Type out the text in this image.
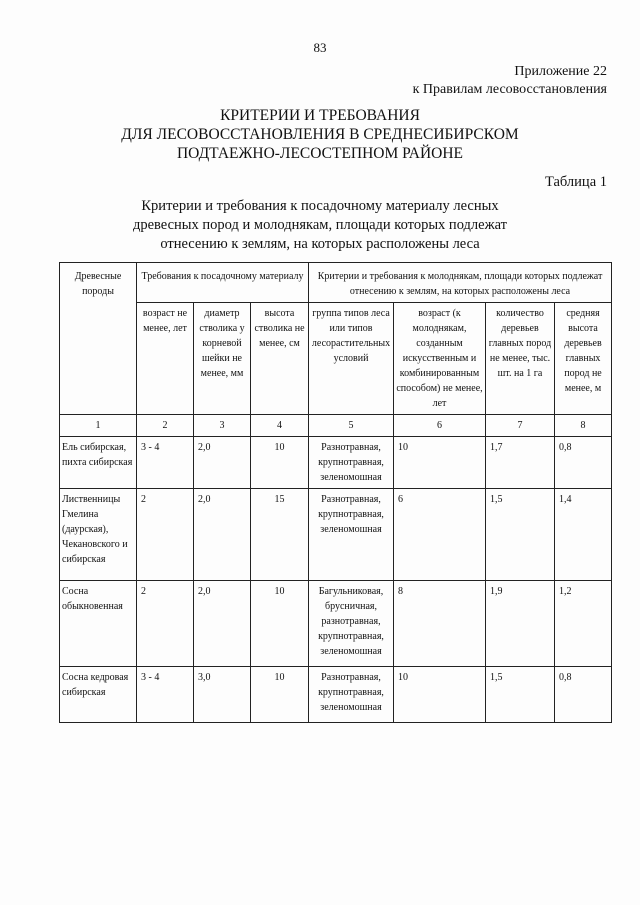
83
Приложение 22
к Правилам лесовосстановления
КРИТЕРИИ И ТРЕБОВАНИЯ
ДЛЯ ЛЕСОВОССТАНОВЛЕНИЯ В СРЕДНЕСИБИРСКОМ
ПОДТАЕЖНО-ЛЕСОСТЕПНОМ РАЙОНЕ
Таблица 1
Критерии и требования к посадочному материалу лесных
древесных пород и молоднякам, площади которых подлежат
отнесению к землям, на которых расположены леса
Древесные породы	Требования к посадочному материалу			Критерии и требования к молоднякам, площади которых подлежат отнесению к землям, на которых расположены леса			
	возраст не менее, лет	диаметр стволика у корневой шейки не менее, мм	высота стволика не менее, см	группа типов леса или типов лесорастительных условий	возраст (к молоднякам, созданным искусственным и комбинированным способом) не менее, лет	количество деревьев главных пород не менее, тыс. шт. на 1 га	средняя высота деревьев главных пород не менее, м
1	2	3	4	5	6	7	8
Ель сибирская, пихта сибирская	3 - 4	2,0	10	Разнотравная, крупнотравная, зеленомошная	10	1,7	0,8
Лиственницы Гмелина (даурская), Чекановского и сибирская	2	2,0	15	Разнотравная, крупнотравная, зеленомошная	6	1,5	1,4
Сосна обыкновенная	2	2,0	10	Багульниковая, брусничная, разнотравная, крупнотравная, зеленомошная	8	1,9	1,2
Сосна кедровая сибирская	3 - 4	3,0	10	Разнотравная, крупнотравная, зеленомошная	10	1,5	0,8
